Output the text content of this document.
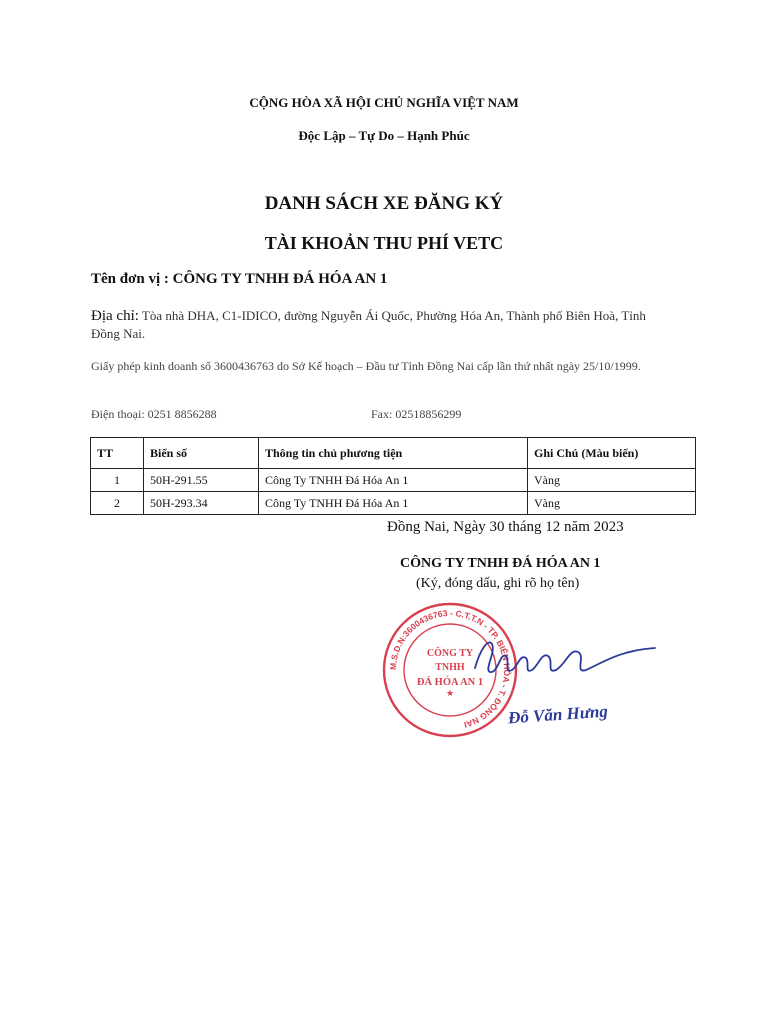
CỘNG HÒA XÃ HỘI CHỦ NGHĨA VIỆT NAM
Độc Lập – Tự Do – Hạnh Phúc
DANH SÁCH XE ĐĂNG KÝ
TÀI KHOẢN THU PHÍ VETC
Tên đơn vị : CÔNG TY TNHH ĐÁ HÓA AN 1
Địa chỉ: Tòa nhà DHA, C1-IDICO, đường Nguyễn Ái Quốc, Phường Hóa An, Thành phố Biên Hoà, Tỉnh Đồng Nai.
Giấy phép kinh doanh số 3600436763 do Sở Kế hoạch – Đầu tư Tỉnh Đồng Nai cấp lần thứ nhất ngày 25/10/1999.
Điện thoại: 0251 8856288	Fax: 02518856299
TT	Biển số	Thông tin chủ phương tiện	Ghi Chú (Màu biển)
1	50H-291.55	Công Ty TNHH Đá Hóa An 1	Vàng
2	50H-293.34	Công Ty TNHH Đá Hóa An 1	Vàng
Đồng Nai, Ngày 30 tháng 12 năm 2023
CÔNG TY TNHH ĐÁ HÓA AN 1
(Ký, đóng dấu, ghi rõ họ tên)
M.S.D.N:3600436763 - C.T.T.N - TP. BIÊN HÒA - T. ĐỒNG NAI
CÔNG TY
TNHH
ĐÁ HÓA AN 1
★
Đỗ Văn Hưng
